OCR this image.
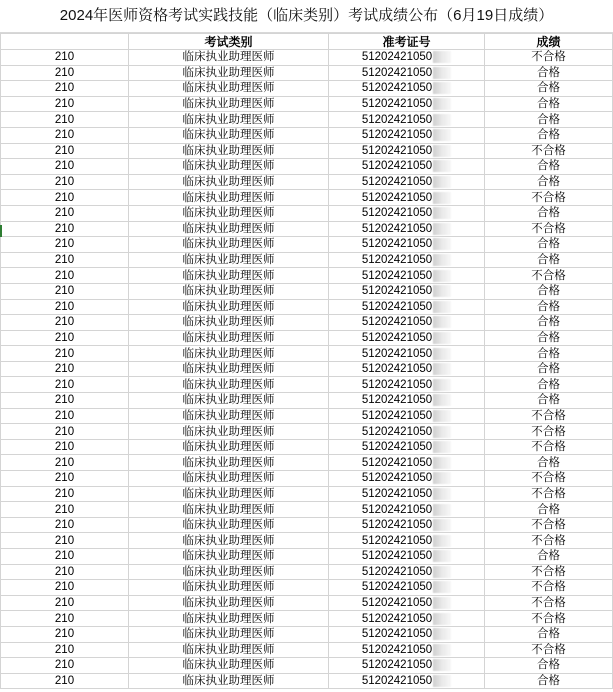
2024年医师资格考试实践技能（临床类别）考试成绩公布（6月19日成绩）
	考试类别	准考证号	成绩
210	临床执业助理医师	51202421050	不合格
210	临床执业助理医师	51202421050	合格
210	临床执业助理医师	51202421050	合格
210	临床执业助理医师	51202421050	合格
210	临床执业助理医师	51202421050	合格
210	临床执业助理医师	51202421050	合格
210	临床执业助理医师	51202421050	不合格
210	临床执业助理医师	51202421050	合格
210	临床执业助理医师	51202421050	合格
210	临床执业助理医师	51202421050	不合格
210	临床执业助理医师	51202421050	合格
210	临床执业助理医师	51202421050	不合格
210	临床执业助理医师	51202421050	合格
210	临床执业助理医师	51202421050	合格
210	临床执业助理医师	51202421050	不合格
210	临床执业助理医师	51202421050	合格
210	临床执业助理医师	51202421050	合格
210	临床执业助理医师	51202421050	合格
210	临床执业助理医师	51202421050	合格
210	临床执业助理医师	51202421050	合格
210	临床执业助理医师	51202421050	合格
210	临床执业助理医师	51202421050	合格
210	临床执业助理医师	51202421050	合格
210	临床执业助理医师	51202421050	不合格
210	临床执业助理医师	51202421050	不合格
210	临床执业助理医师	51202421050	不合格
210	临床执业助理医师	51202421050	合格
210	临床执业助理医师	51202421050	不合格
210	临床执业助理医师	51202421050	不合格
210	临床执业助理医师	51202421050	合格
210	临床执业助理医师	51202421050	不合格
210	临床执业助理医师	51202421050	不合格
210	临床执业助理医师	51202421050	合格
210	临床执业助理医师	51202421050	不合格
210	临床执业助理医师	51202421050	不合格
210	临床执业助理医师	51202421050	不合格
210	临床执业助理医师	51202421050	不合格
210	临床执业助理医师	51202421050	合格
210	临床执业助理医师	51202421050	不合格
210	临床执业助理医师	51202421050	合格
210	临床执业助理医师	51202421050	合格
